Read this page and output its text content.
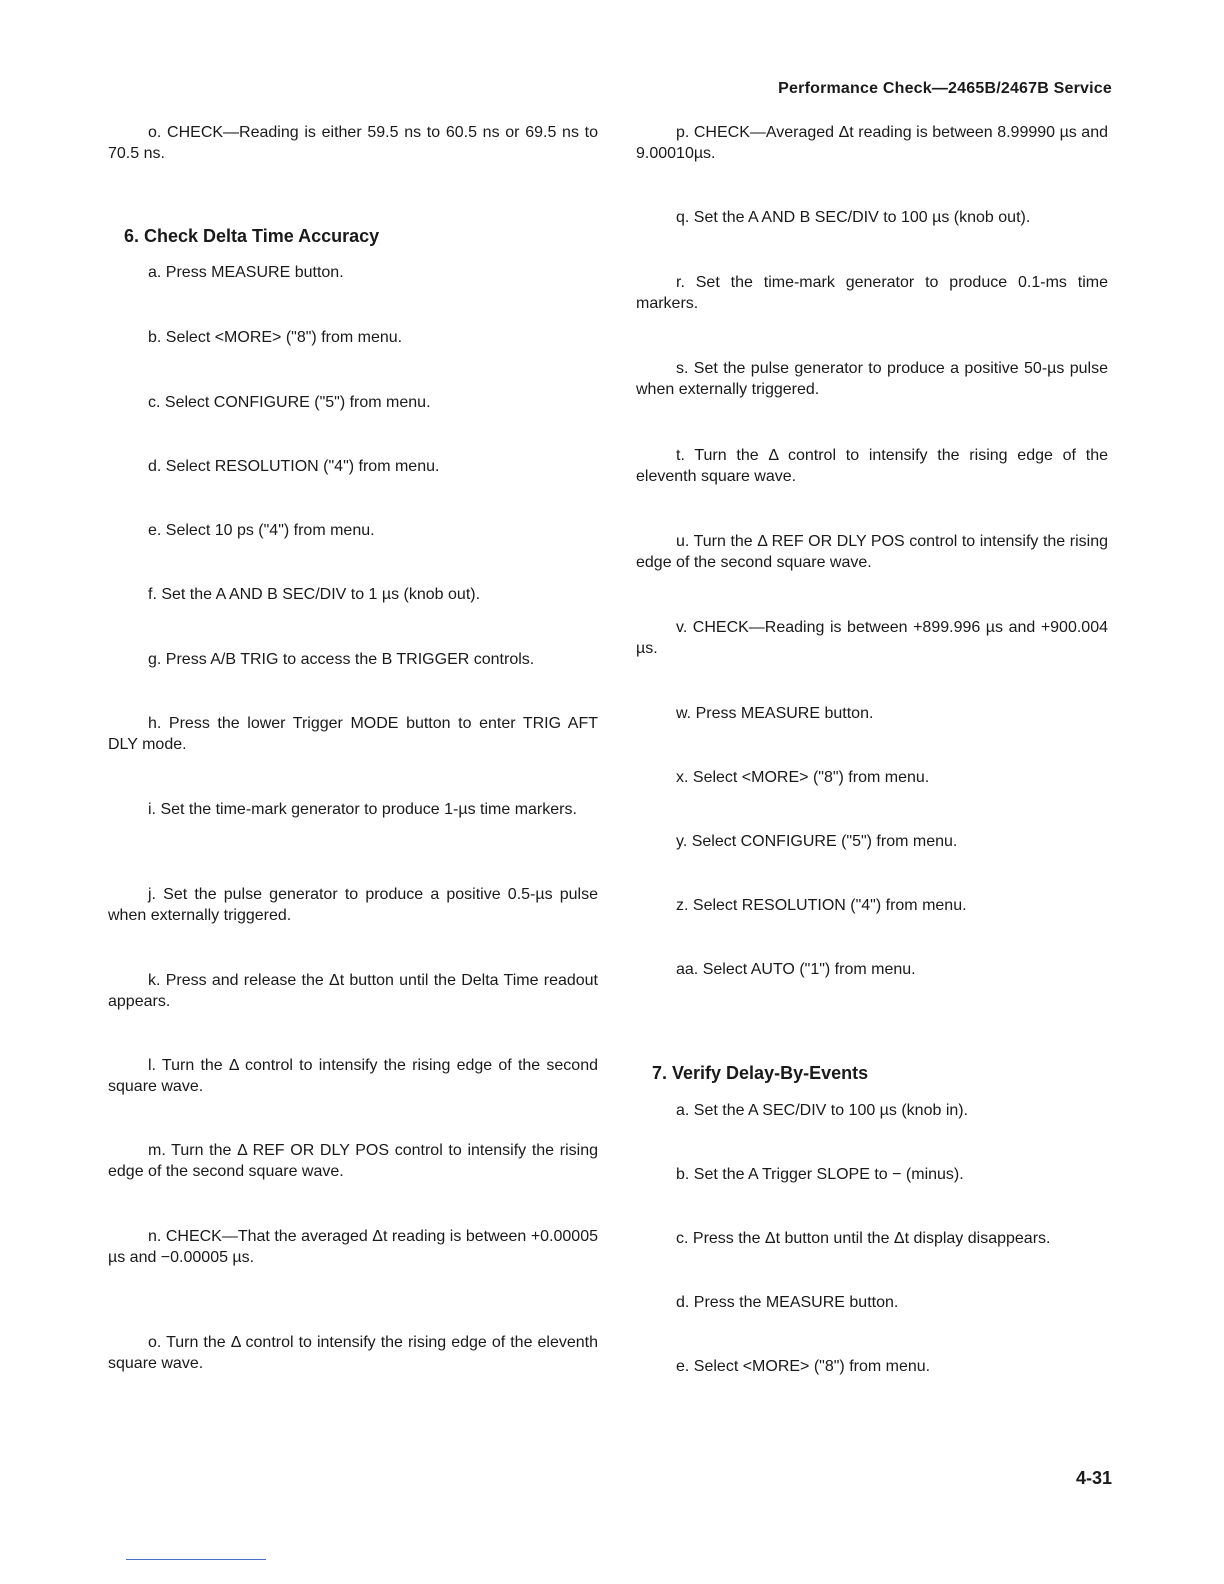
Performance Check—2465B/2467B Service
o. CHECK—Reading is either 59.5 ns to 60.5 ns or 69.5 ns to 70.5 ns.
6. Check Delta Time Accuracy
a. Press MEASURE button.
b. Select <MORE> ("8") from menu.
c. Select CONFIGURE ("5") from menu.
d. Select RESOLUTION ("4") from menu.
e. Select 10 ps ("4") from menu.
f. Set the A AND B SEC/DIV to 1 µs (knob out).
g. Press A/B TRIG to access the B TRIGGER controls.
h. Press the lower Trigger MODE button to enter TRIG AFT DLY mode.
i. Set the time-mark generator to produce 1-µs time markers.
j. Set the pulse generator to produce a positive 0.5-µs pulse when externally triggered.
k. Press and release the Δt button until the Delta Time readout appears.
l. Turn the Δ control to intensify the rising edge of the second square wave.
m. Turn the Δ REF OR DLY POS control to intensify the rising edge of the second square wave.
n. CHECK—That the averaged Δt reading is between +0.00005 µs and −0.00005 µs.
o. Turn the Δ control to intensify the rising edge of the eleventh square wave.
p. CHECK—Averaged Δt reading is between 8.99990 µs and 9.00010µs.
q. Set the A AND B SEC/DIV to 100 µs (knob out).
r. Set the time-mark generator to produce 0.1-ms time markers.
s. Set the pulse generator to produce a positive 50-µs pulse when externally triggered.
t. Turn the Δ control to intensify the rising edge of the eleventh square wave.
u. Turn the Δ REF OR DLY POS control to intensify the rising edge of the second square wave.
v. CHECK—Reading is between +899.996 µs and +900.004 µs.
w. Press MEASURE button.
x. Select <MORE> ("8") from menu.
y. Select CONFIGURE ("5") from menu.
z. Select RESOLUTION ("4") from menu.
aa. Select AUTO ("1") from menu.
7. Verify Delay-By-Events
a. Set the A SEC/DIV to 100 µs (knob in).
b. Set the A Trigger SLOPE to − (minus).
c. Press the Δt button until the Δt display disappears.
d. Press the MEASURE button.
e. Select <MORE> ("8") from menu.
4-31
